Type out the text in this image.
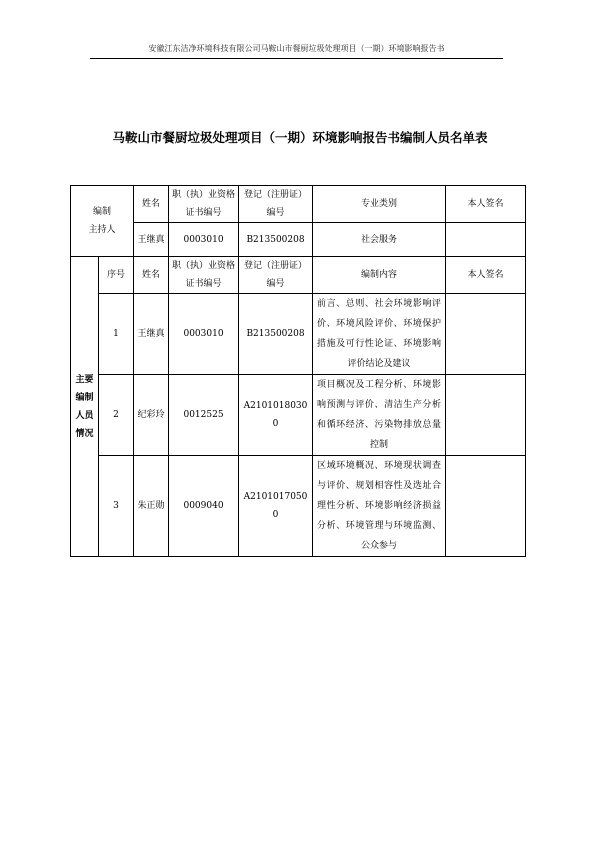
安徽江东洁净环境科技有限公司马鞍山市餐厨垃圾处理项目（一期）环境影响报告书
马鞍山市餐厨垃圾处理项目（一期）环境影响报告书编制人员名单表
编制
主持人		姓名	职（执）业资格证书编号	登记（注册证）编号	专业类别	本人签名
		王继真	0003010	B213500208	社会服务	

主要编制人员情况	序号	姓名	职（执）业资格证书编号	登记（注册证）编号	编制内容	本人签名
	1	王继真	0003010	B213500208	前言、总则、社会环境影响评价、环境风险评价、环境保护措施及可行性论证、环境影响评价结论及建议	
	2	纪彩玲	0012525	A21010180300	项目概况及工程分析、环境影响预测与评价、清洁生产分析和循环经济、污染物排放总量控制	
	3	朱正勋	0009040	A21010170500	区域环境概况、环境现状调查与评价、规划相容性及选址合理性分析、环境影响经济损益分析、环境管理与环境监测、公众参与	
